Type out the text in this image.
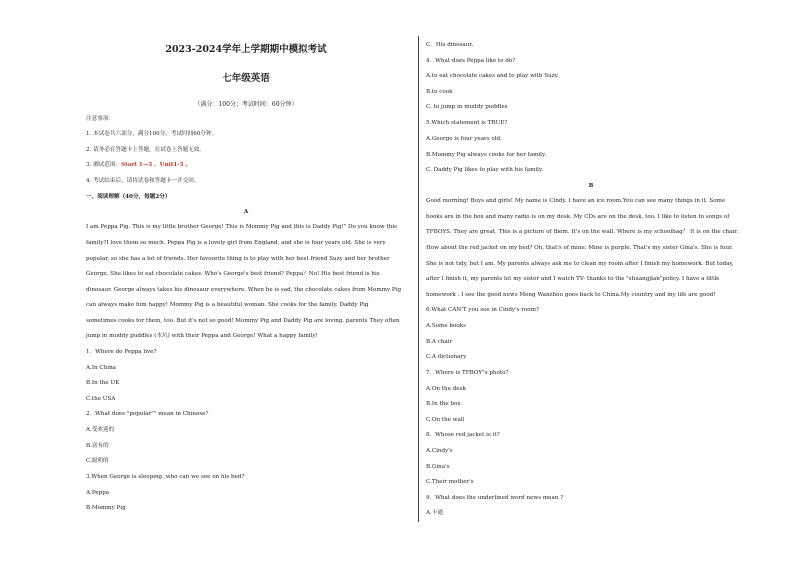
2023-2024学年上学期期中模拟考试
七年级英语
（满分：100分；考试时间：60分钟）
注意事项：
1. 本试卷共六部分，满分100分，考试时间60分钟。
2. 请务必在答题卡上答题，在试卷上答题无效。
3. 测试范围：Start 1—3 、Unit1-5 。
4. 考试结束后，请将试卷和答题卡一并交回。
一、阅读理解（40分，每题2分）
A
I am Peppa Pig. This is my little brother George! This is Mommy Pig and this is Daddy Pig!" Do you know this
family?I love them so much. Peppa Pig is a lovely girl from England, and she is four years old. She is very
popular, so she has a lot of friends. Her favourite thing is to play with her best friend Suzy and her brother
George. She likes to eat chocolate cakes. Who's George's best friend? Peppa？No! His best friend is his
dinosaur. George always takes his dinosaur everywhere. When he is sad, the chocolate cakes from Mommy Pig
can always make him happy! Mommy Pig is a beautiful woman. She cooks for the family. Daddy Pig
sometimes cooks for them, too. But it's not so good! Mommy Pig and Daddy Pig are loving. parents They often
jump in muddy puddles (水坑) with their Peppa and George! What a happy family!
1．Where do Peppa live?
A.In China
B.In the UK
C.the USA
2．What does "popular"" mean in Chinese?
A.受欢迎的
B.富有的
C.聪明的
3.When George is sleeping ,who can we see on his bed?
A.Peppa
B.Mommy Pig
C．His dinosaur.
4．What does Peppa like to do?
A.to eat chocolate cakes and to play with Suzy.
B.to cook
C. to jump in muddy puddles
5.Which statement is TRUE?
A.George is four years old.
B.Mommy Pig always cooks for her family.
C. Daddy Pig likes to play with his family.
B
Good morning! Boys and girls! My name is Cindy. I have an ice room.You can see many things in it. Some
books are in the box and many radio is on my desk. My CDs are on the desk, too. I like to listen to songs of
TFBOYS. They are great, This is a picture of them. It's on the wall. Where is my schoolbag？ It is on the chair.
How about the red jacket on my bed? Oh, that's of mine. Mine is purple. That's my sister Gina's. She is four.
She is not tidy, but I am. My parents always ask me to clean my room after I finish my homework. But today,
after I finish it, my parents let my sister and I watch TV- thanks to the "shuangjian"policy. I have a little
homework . I see the good news Meng Wanzhou goes back to China.My country and my life are good!
6.What CAN'T you see in Cindy's room?
A.Some books
B.A chair
C.A dictionary
7．Where is TFBOY"s photo?
A.On the desk
B.In the box
C.On the wall
8．Whose red jacket is it?
A.Cindy's
B.Gina's
C.Their mother's
9．What does the underlined word news mean ?
A.卡通
